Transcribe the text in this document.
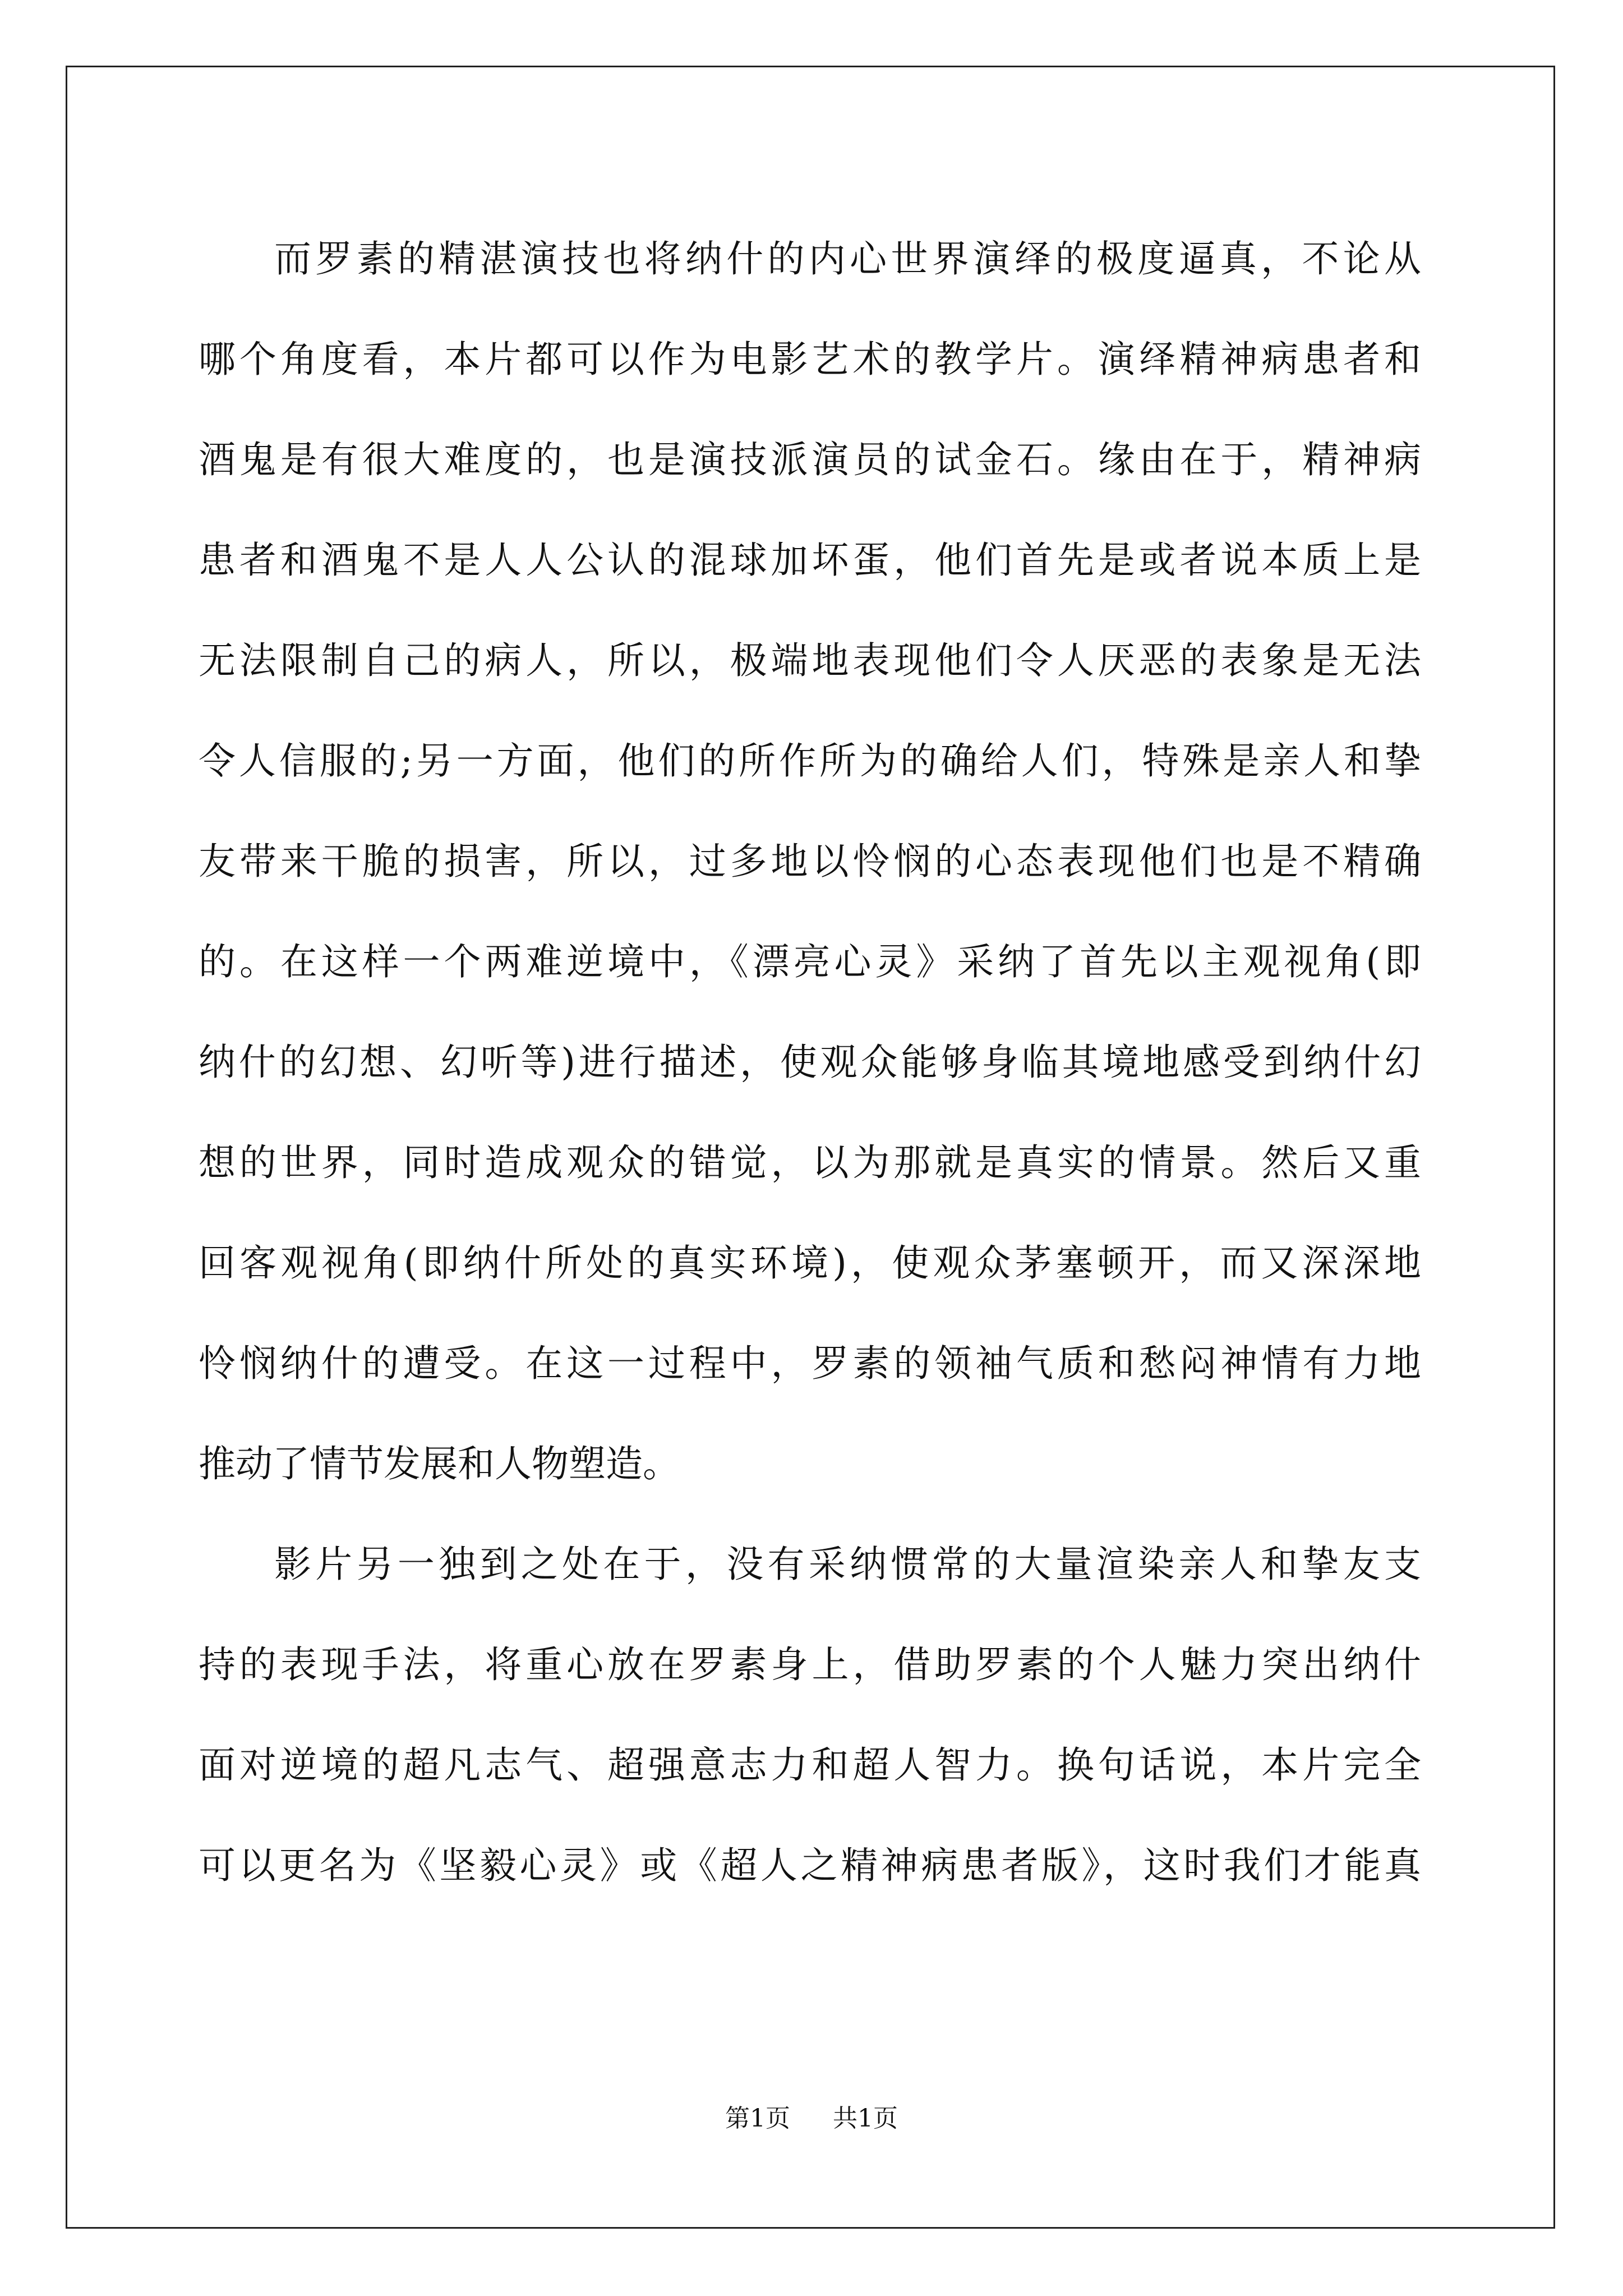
而罗素的精湛演技也将纳什的内心世界演绎的极度逼真，不论从
哪个角度看，本片都可以作为电影艺术的教学片。演绎精神病患者和
酒鬼是有很大难度的，也是演技派演员的试金石。缘由在于，精神病
患者和酒鬼不是人人公认的混球加坏蛋，他们首先是或者说本质上是
无法限制自己的病人，所以，极端地表现他们令人厌恶的表象是无法
令人信服的;另一方面，他们的所作所为的确给人们，特殊是亲人和挚
友带来干脆的损害，所以，过多地以怜悯的心态表现他们也是不精确
的。在这样一个两难逆境中，《漂亮心灵》采纳了首先以主观视角(即
纳什的幻想、幻听等)进行描述，使观众能够身临其境地感受到纳什幻
想的世界，同时造成观众的错觉，以为那就是真实的情景。然后又重
回客观视角(即纳什所处的真实环境)，使观众茅塞顿开，而又深深地
怜悯纳什的遭受。在这一过程中，罗素的领袖气质和愁闷神情有力地
推动了情节发展和人物塑造。
影片另一独到之处在于，没有采纳惯常的大量渲染亲人和挚友支
持的表现手法，将重心放在罗素身上，借助罗素的个人魅力突出纳什
面对逆境的超凡志气、超强意志力和超人智力。换句话说，本片完全
可以更名为《坚毅心灵》或《超人之精神病患者版》，这时我们才能真
第1页 共1页
